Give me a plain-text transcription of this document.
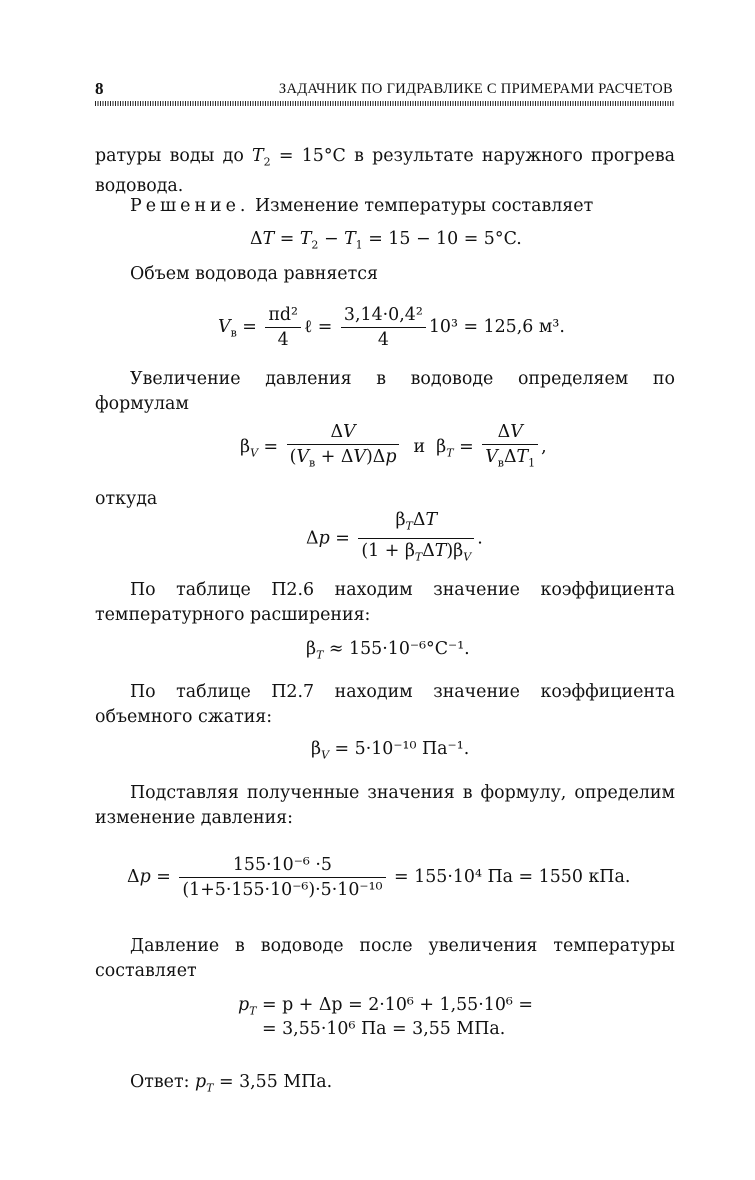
8	ЗАДАЧНИК ПО ГИДРАВЛИКЕ С ПРИМЕРАМИ РАСЧЕТОВ
ратуры воды до $T_2 = 15^\circ C$ в результате наружного прогрева водовода.
Решение. Изменение температуры составляет
$\Delta T = T_2 - T_1 = 15 - 10 = 5^\circ C$.
Объем водовода равняется
$V_в = \frac{\text{πd²}}{4}$ ℓ = $\frac{\text{3,14·0,4²}}{4} 10^3 = 125,6$ м³.
Увеличение давления в водоводе определяем по формулам
$\beta_V = \frac{\Delta V}{(V_в + \Delta V)\Delta p}$ и  $\beta_T = \frac{\Delta V}{V_в\Delta T_1}$ ,
откуда
$\Delta p = \frac{\beta_T\Delta T}{(1 + \beta_T\Delta T)\beta_V}$ .
По таблице П2.6 находим значение коэффициента температурного расширения:
$\beta_T \approx 155\cdot 10^{-6}^\circ C^{-1}$.
По таблице П2.7 находим значение коэффициента объемного сжатия:
$\beta_V = 5\cdot 10^{-10}$ Па⁻¹.
Подставляя полученные значения в формулу, определим изменение давления:
$\Delta p = \frac{\text{155·10⁻⁶ ·5}}{\text{(1+5·155·10⁻⁶)·5·10⁻¹⁰}} = 155\cdot 10^4$ Па = 1550 кПа.
Давление в водоводе после увеличения температуры составляет
$p_T = p + \Delta p = 2\cdot 10^6 + 1,55\cdot 10^6$ =
= 3,55·10⁶ Па = 3,55 МПа.
Ответ: $p_T = 3,55$ МПа.
